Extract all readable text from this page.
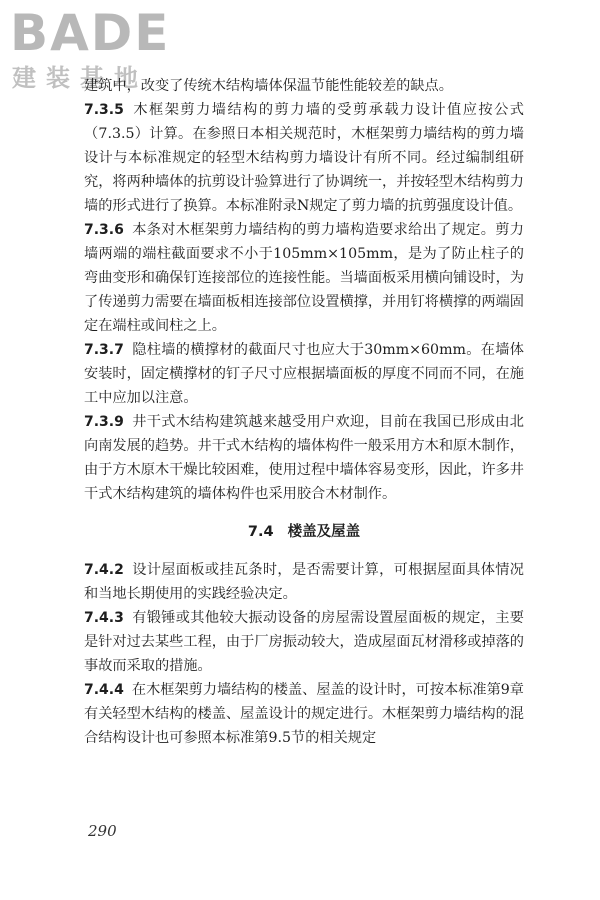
BADE
建装基地

建筑中，改变了传统木结构墙体保温节能性能较差的缺点。

7.3.5 木框架剪力墙结构的剪力墙的受剪承载力设计值应按公式（7.3.5）计算。在参照日本相关规范时，木框架剪力墙结构的剪力墙设计与本标准规定的轻型木结构剪力墙设计有所不同。经过编制组研究，将两种墙体的抗剪设计验算进行了协调统一，并按轻型木结构剪力墙的形式进行了换算。本标准附录N规定了剪力墙的抗剪强度设计值。

7.3.6 本条对木框架剪力墙结构的剪力墙构造要求给出了规定。剪力墙两端的端柱截面要求不小于105mm×105mm，是为了防止柱子的弯曲变形和确保钉连接部位的连接性能。当墙面板采用横向铺设时，为了传递剪力需要在墙面板相连接部位设置横撑，并用钉将横撑的两端固定在端柱或间柱之上。

7.3.7 隐柱墙的横撑材的截面尺寸也应大于30mm×60mm。在墙体安装时，固定横撑材的钉子尺寸应根据墙面板的厚度不同而不同，在施工中应加以注意。

7.3.9 井干式木结构建筑越来越受用户欢迎，目前在我国已形成由北向南发展的趋势。井干式木结构的墙体构件一般采用方木和原木制作，由于方木原木干燥比较困难，使用过程中墙体容易变形，因此，许多井干式木结构建筑的墙体构件也采用胶合木材制作。

7.4 楼盖及屋盖

7.4.2 设计屋面板或挂瓦条时，是否需要计算，可根据屋面具体情况和当地长期使用的实践经验决定。

7.4.3 有锻锤或其他较大振动设备的房屋需设置屋面板的规定，主要是针对过去某些工程，由于厂房振动较大，造成屋面瓦材滑移或掉落的事故而采取的措施。

7.4.4 在木框架剪力墙结构的楼盖、屋盖的设计时，可按本标准第9章有关轻型木结构的楼盖、屋盖设计的规定进行。木框架剪力墙结构的混合结构设计也可参照本标准第9.5节的相关规定

290
